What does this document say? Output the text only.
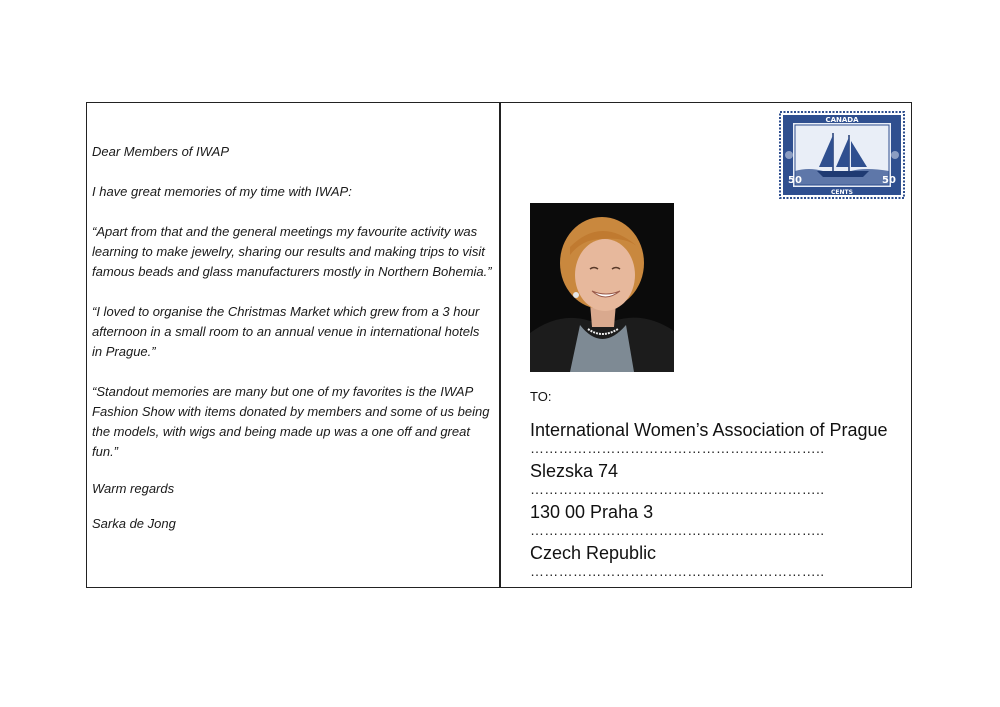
Dear Members of IWAP

I have great memories of my time with IWAP:

“Apart from that and the general meetings my favourite activity was learning to make jewelry, sharing our results and making trips to visit famous beads and glass manufacturers mostly in Northern Bohemia.”

“I loved to organise the Christmas Market which grew from a 3 hour afternoon in a small room to an annual venue in international hotels in Prague.”

“Standout memories are many but one of my favorites is the IWAP Fashion Show with items donated by members and some of us being the models, with wigs and being made up was a one off and great fun.”

Warm regards

Sarka de Jong

CANADA
50	50
CENTS
TO:
International Women’s Association of Prague
……………………………………………………..
Slezska 74
……………………………………………………..
130 00 Praha 3
……………………………………………………..
Czech Republic
……………………………………………………..
